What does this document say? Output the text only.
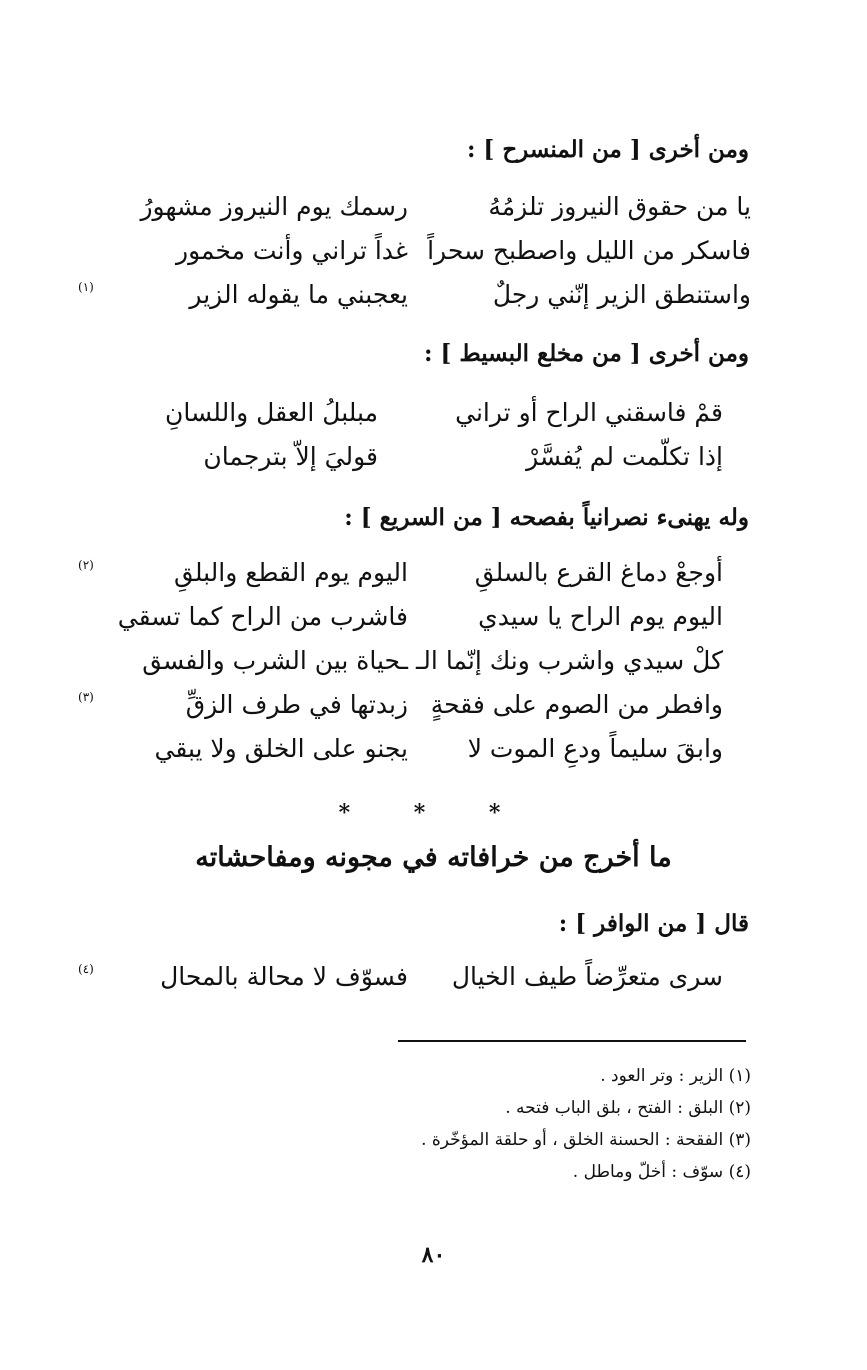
ومن أخرى [ من المنسرح ] :
يا من حقوق النيروز تلزمُهُ
رسمك يوم النيروز مشهورُ
فاسكر من الليل واصطبح سحراً
غداً تراني وأنت مخمور
واستنطق الزير إنّني رجلٌ
يعجبني ما يقوله الزير
(١)
ومن أخرى [ من مخلع البسيط ] :
قمْ فاسقني الراح أو تراني
مبلبلُ العقل واللسانِ
إذا تكلّمت لم يُفسَّرْ
قوليَ إلاّ بترجمان
وله يهنىء نصرانياً بفصحه [ من السريع ] :
أوجعْ دماغ القرع بالسلقِ
اليوم يوم القطع والبلقِ
(٢)
اليوم يوم الراح يا سيدي
فاشرب من الراح كما تسقي
كلْ سيدي واشرب ونك إنّما الـ
ـحياة بين الشرب والفسق
وافطر من الصوم على فقحةٍ
زبدتها في طرف الزقِّ
(٣)
وابقَ سليماً ودعِ الموت لا
يجنو على الخلق ولا يبقي
* * *
ما أخرج من خرافاته في مجونه ومفاحشاته
قال [ من الوافر ] :
سرى متعرِّضاً طيف الخيال
فسوّف لا محالة بالمحال
(٤)
(١) الزير : وتر العود .
(٢) البلق : الفتح ، بلق الباب فتحه .
(٣) الفقحة : الحسنة الخلق ، أو حلقة المؤخّرة .
(٤) سوّف : أخلّ وماطل .
٨٠
